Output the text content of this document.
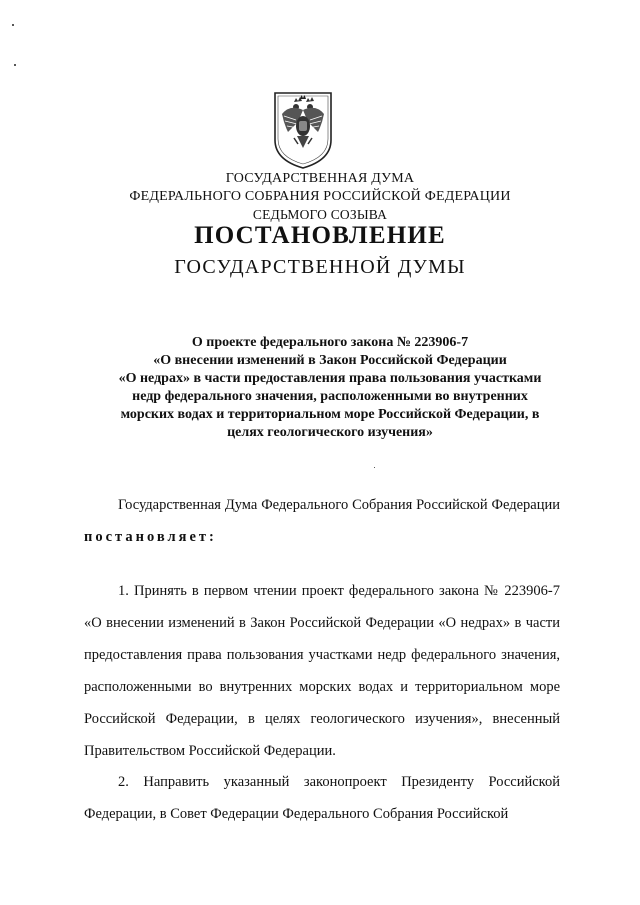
ГОСУДАРСТВЕННАЯ ДУМА
ФЕДЕРАЛЬНОГО СОБРАНИЯ РОССИЙСКОЙ ФЕДЕРАЦИИ
СЕДЬМОГО СОЗЫВА
ПОСТАНОВЛЕНИЕ
ГОСУДАРСТВЕННОЙ ДУМЫ
О проекте федерального закона № 223906-7
«О внесении изменений в Закон Российской Федерации
«О недрах» в части предоставления права пользования участками
недр федерального значения, расположенными во внутренних
морских водах и территориальном море Российской Федерации, в
целях геологического изучения»
Государственная Дума Федерального Собрания Российской Федерации постановляет:
1. Принять в первом чтении проект федерального закона № 223906-7 «О внесении изменений в Закон Российской Федерации «О недрах» в части предоставления права пользования участками недр федерального значения, расположенными во внутренних морских водах и территориальном море Российской Федерации, в целях геологического изучения», внесенный Правительством Российской Федерации.
2. Направить указанный законопроект Президенту Российской Федерации, в Совет Федерации Федерального Собрания Российской
